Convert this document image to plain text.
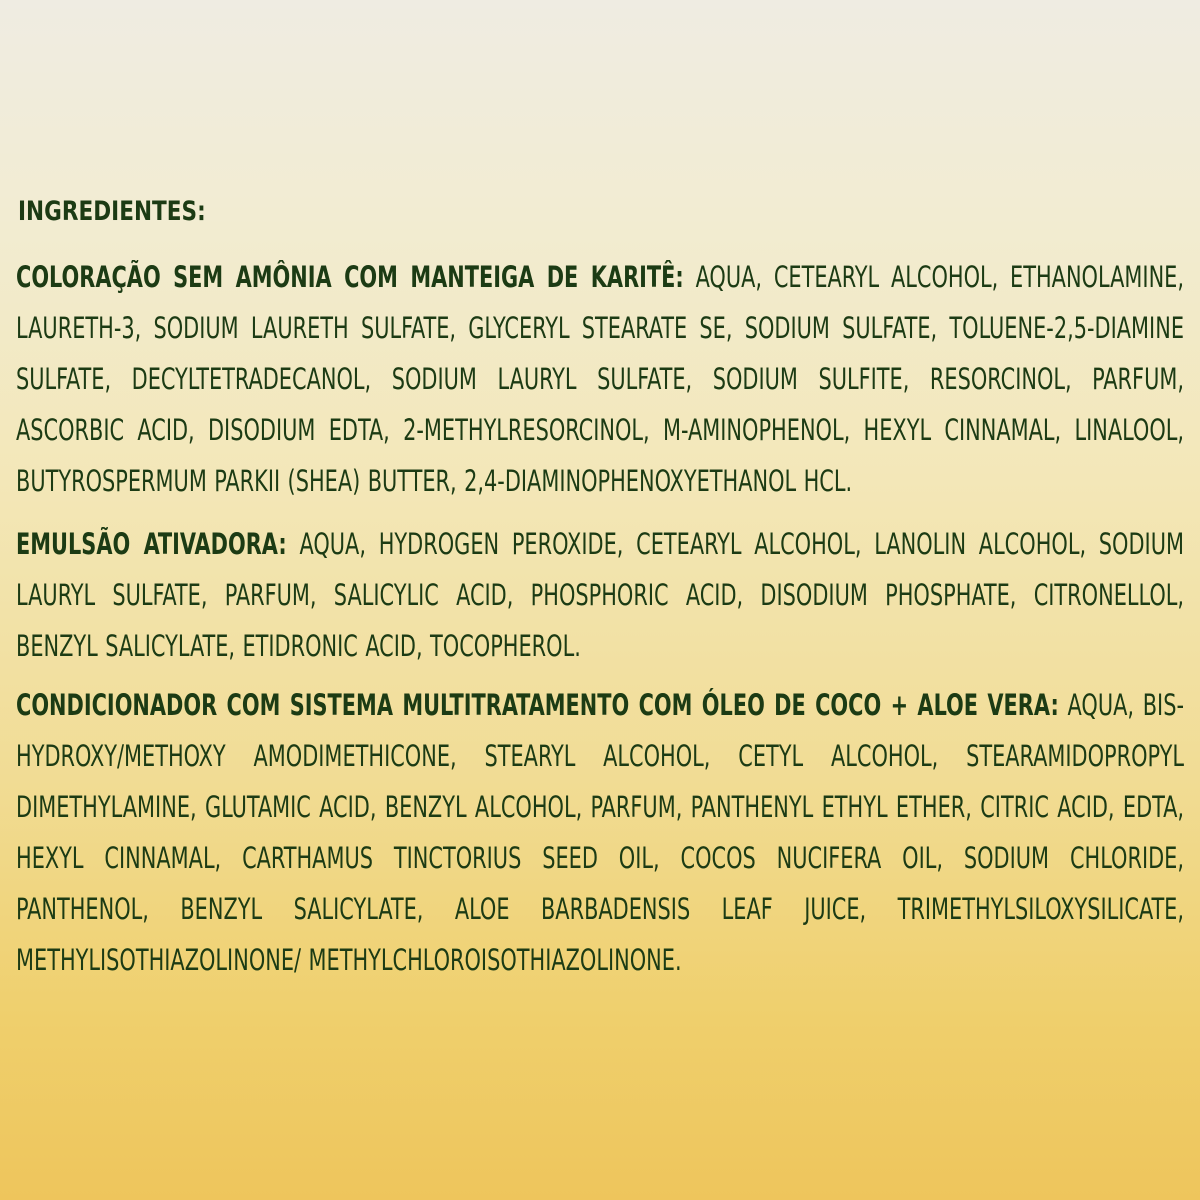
INGREDIENTES:
COLORAÇÃO SEM AMÔNIA COM MANTEIGA DE KARITÊ: AQUA, CETEARYL ALCOHOL, ETHANOLAMINE, LAURETH-3, SODIUM LAURETH SULFATE, GLYCERYL STEARATE SE, SODIUM SULFATE, TOLUENE-2,5-DIAMINE SULFATE, DECYLTETRADECANOL, SODIUM LAURYL SULFATE, SODIUM SULFITE, RESORCINOL, PARFUM, ASCORBIC ACID, DISODIUM EDTA, 2-METHYLRESORCINOL, M-AMINOPHENOL, HEXYL CINNAMAL, LINALOOL, BUTYROSPERMUM PARKII (SHEA) BUTTER, 2,4-DIAMINOPHENOXYETHANOL HCL.
EMULSÃO ATIVADORA: AQUA, HYDROGEN PEROXIDE, CETEARYL ALCOHOL, LANOLIN ALCOHOL, SODIUM LAURYL SULFATE, PARFUM, SALICYLIC ACID, PHOSPHORIC ACID, DISODIUM PHOSPHATE, CITRONELLOL, BENZYL SALICYLATE, ETIDRONIC ACID, TOCOPHEROL.
CONDICIONADOR COM SISTEMA MULTITRATAMENTO COM ÓLEO DE COCO + ALOE VERA: AQUA, BIS-HYDROXY/METHOXY AMODIMETHICONE, STEARYL ALCOHOL, CETYL ALCOHOL, STEARAMIDOPROPYL DIMETHYLAMINE, GLUTAMIC ACID, BENZYL ALCOHOL, PARFUM, PANTHENYL ETHYL ETHER, CITRIC ACID, EDTA, HEXYL CINNAMAL, CARTHAMUS TINCTORIUS SEED OIL, COCOS NUCIFERA OIL, SODIUM CHLORIDE, PANTHENOL, BENZYL SALICYLATE, ALOE BARBADENSIS LEAF JUICE, TRIMETHYLSILOXYSILICATE, METHYLISOTHIAZOLINONE/ METHYLCHLOROISOTHIAZOLINONE.
